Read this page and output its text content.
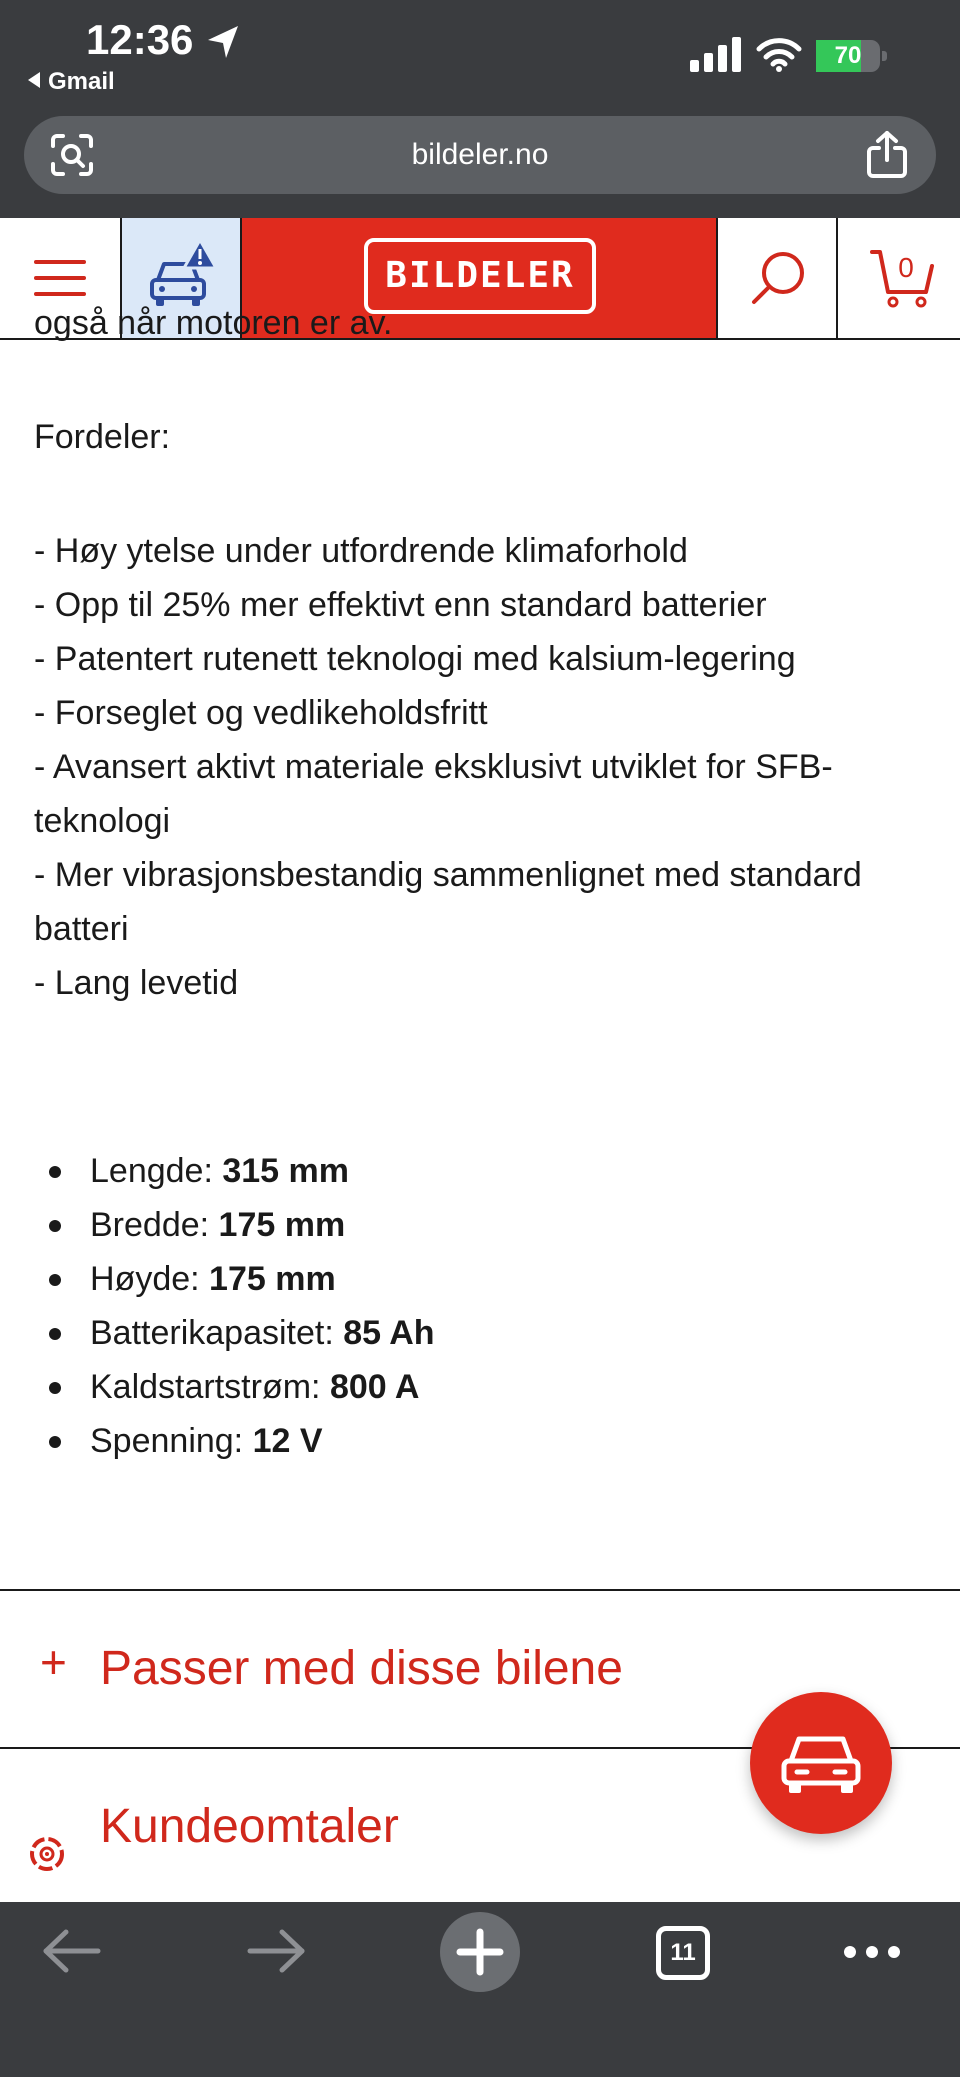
12:36
Gmail
70
bildeler.no
BILDELER	0

også når motoren er av.

Fordeler:

- Høy ytelse under utfordrende klimaforhold
- Opp til 25% mer effektivt enn standard batterier
- Patentert rutenett teknologi med kalsium-legering
- Forseglet og vedlikeholdsfritt
- Avansert aktivt materiale eksklusivt utviklet for SFB-teknologi
- Mer vibrasjonsbestandig sammenlignet med standard batteri
- Lang levetid
Lengde: 315 mm
Bredde: 175 mm
Høyde: 175 mm
Batterikapasitet: 85 Ah
Kaldstartstrøm: 800 A
Spenning: 12 V
+ Passer med disse bilene
Kundeomtaler
11
